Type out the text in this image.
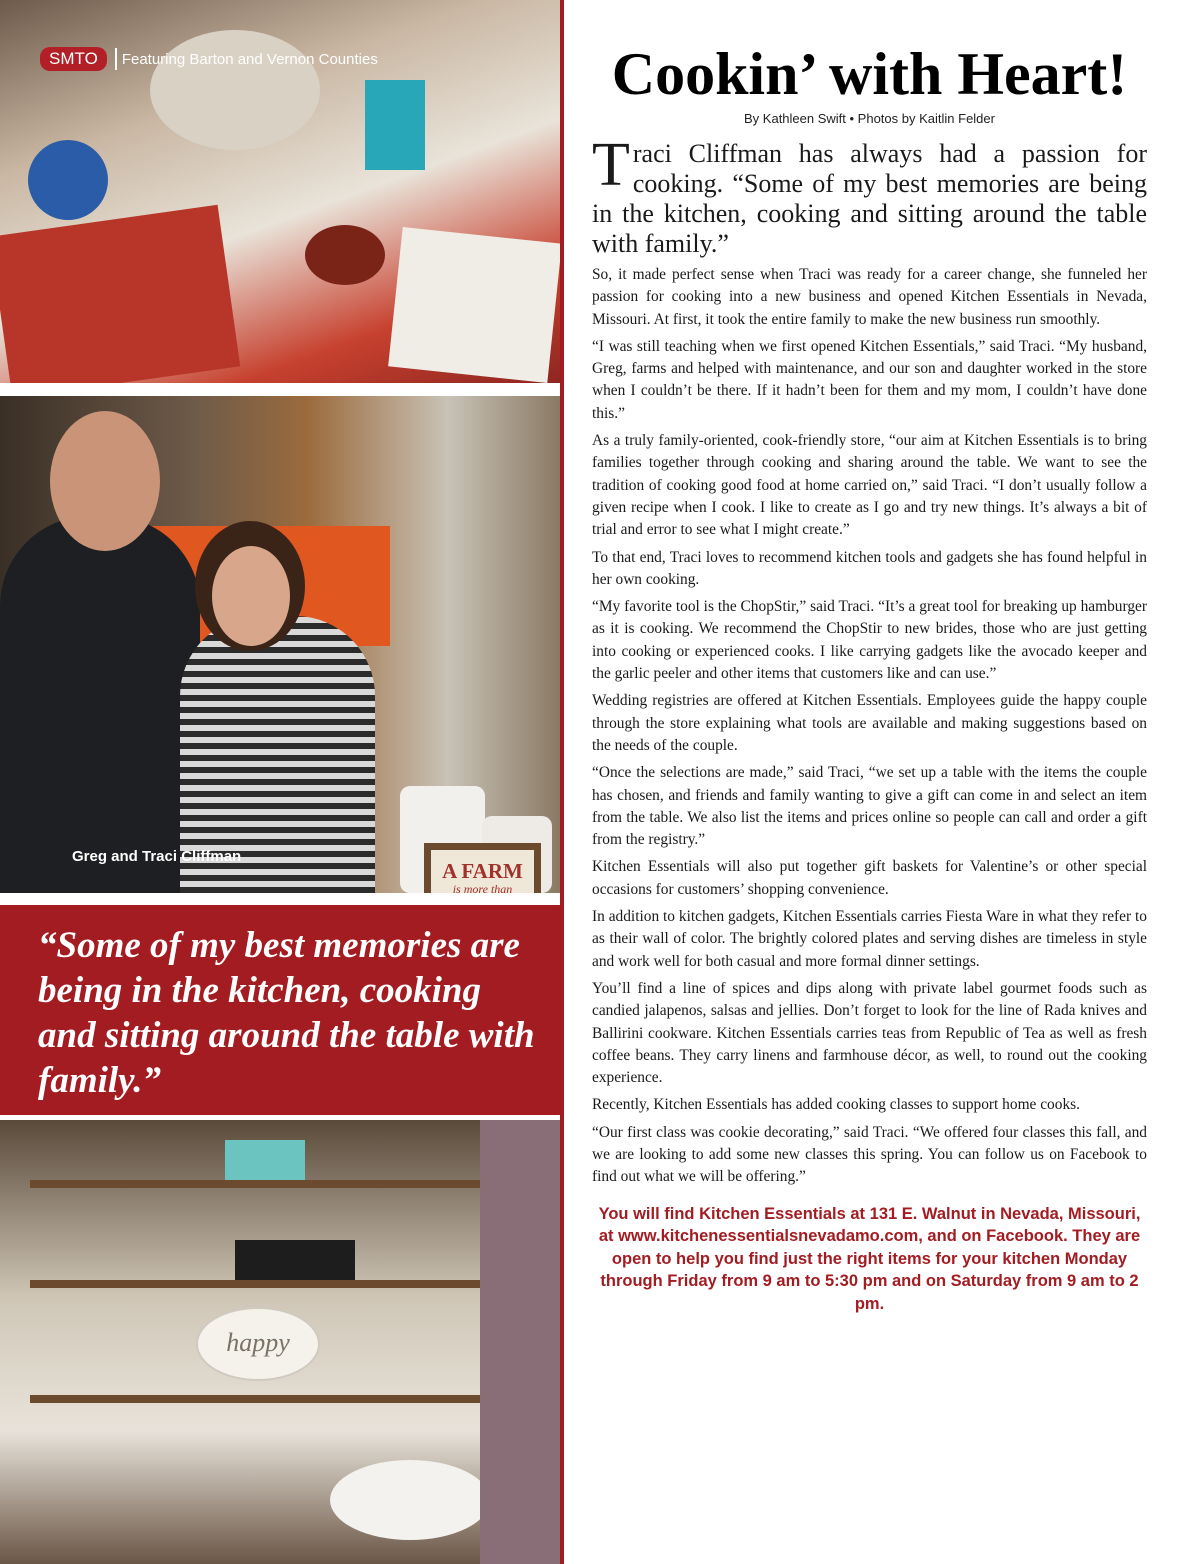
SMTO	Featuring Barton and Vernon Counties
A FARM
is more than
Greg and Traci Cliffman

“Some of my best memories are being in the kitchen, cooking and sitting around the table with family.”

happy
Cookin’ with Heart!
By Kathleen Swift • Photos by Kaitlin Felder

Traci Cliffman has always had a passion for cooking. “Some of my best memories are being in the kitchen, cooking and sitting around the table with family.”

So, it made perfect sense when Traci was ready for a career change, she funneled her passion for cooking into a new business and opened Kitchen Essentials in Nevada, Missouri. At first, it took the entire family to make the new business run smoothly.

“I was still teaching when we first opened Kitchen Essentials,” said Traci. “My husband, Greg, farms and helped with maintenance, and our son and daughter worked in the store when I couldn’t be there. If it hadn’t been for them and my mom, I couldn’t have done this.”

As a truly family-oriented, cook-friendly store, “our aim at Kitchen Essentials is to bring families together through cooking and sharing around the table. We want to see the tradition of cooking good food at home carried on,” said Traci. “I don’t usually follow a given recipe when I cook. I like to create as I go and try new things. It’s always a bit of trial and error to see what I might create.”

To that end, Traci loves to recommend kitchen tools and gadgets she has found helpful in her own cooking.

“My favorite tool is the ChopStir,” said Traci. “It’s a great tool for breaking up hamburger as it is cooking. We recommend the ChopStir to new brides, those who are just getting into cooking or experienced cooks. I like carrying gadgets like the avocado keeper and the garlic peeler and other items that customers like and can use.”

Wedding registries are offered at Kitchen Essentials. Employees guide the happy couple through the store explaining what tools are available and making suggestions based on the needs of the couple.

“Once the selections are made,” said Traci, “we set up a table with the items the couple has chosen, and friends and family wanting to give a gift can come in and select an item from the table. We also list the items and prices online so people can call and order a gift from the registry.”

Kitchen Essentials will also put together gift baskets for Valentine’s or other special occasions for customers’ shopping convenience.

In addition to kitchen gadgets, Kitchen Essentials carries Fiesta Ware in what they refer to as their wall of color. The brightly colored plates and serving dishes are timeless in style and work well for both casual and more formal dinner settings.

You’ll find a line of spices and dips along with private label gourmet foods such as candied jalapenos, salsas and jellies. Don’t forget to look for the line of Rada knives and Ballirini cookware. Kitchen Essentials carries teas from Republic of Tea as well as fresh coffee beans. They carry linens and farmhouse décor, as well, to round out the cooking experience.

Recently, Kitchen Essentials has added cooking classes to support home cooks.

“Our first class was cookie decorating,” said Traci. “We offered four classes this fall, and we are looking to add some new classes this spring. You can follow us on Facebook to find out what we will be offering.”

You will find Kitchen Essentials at 131 E. Walnut in Nevada, Missouri, at www.kitchenessentialsnevadamo.com, and on Facebook. They are open to help you find just the right items for your kitchen Monday through Friday from 9 am to 5:30 pm and on Saturday from 9 am to 2 pm.
